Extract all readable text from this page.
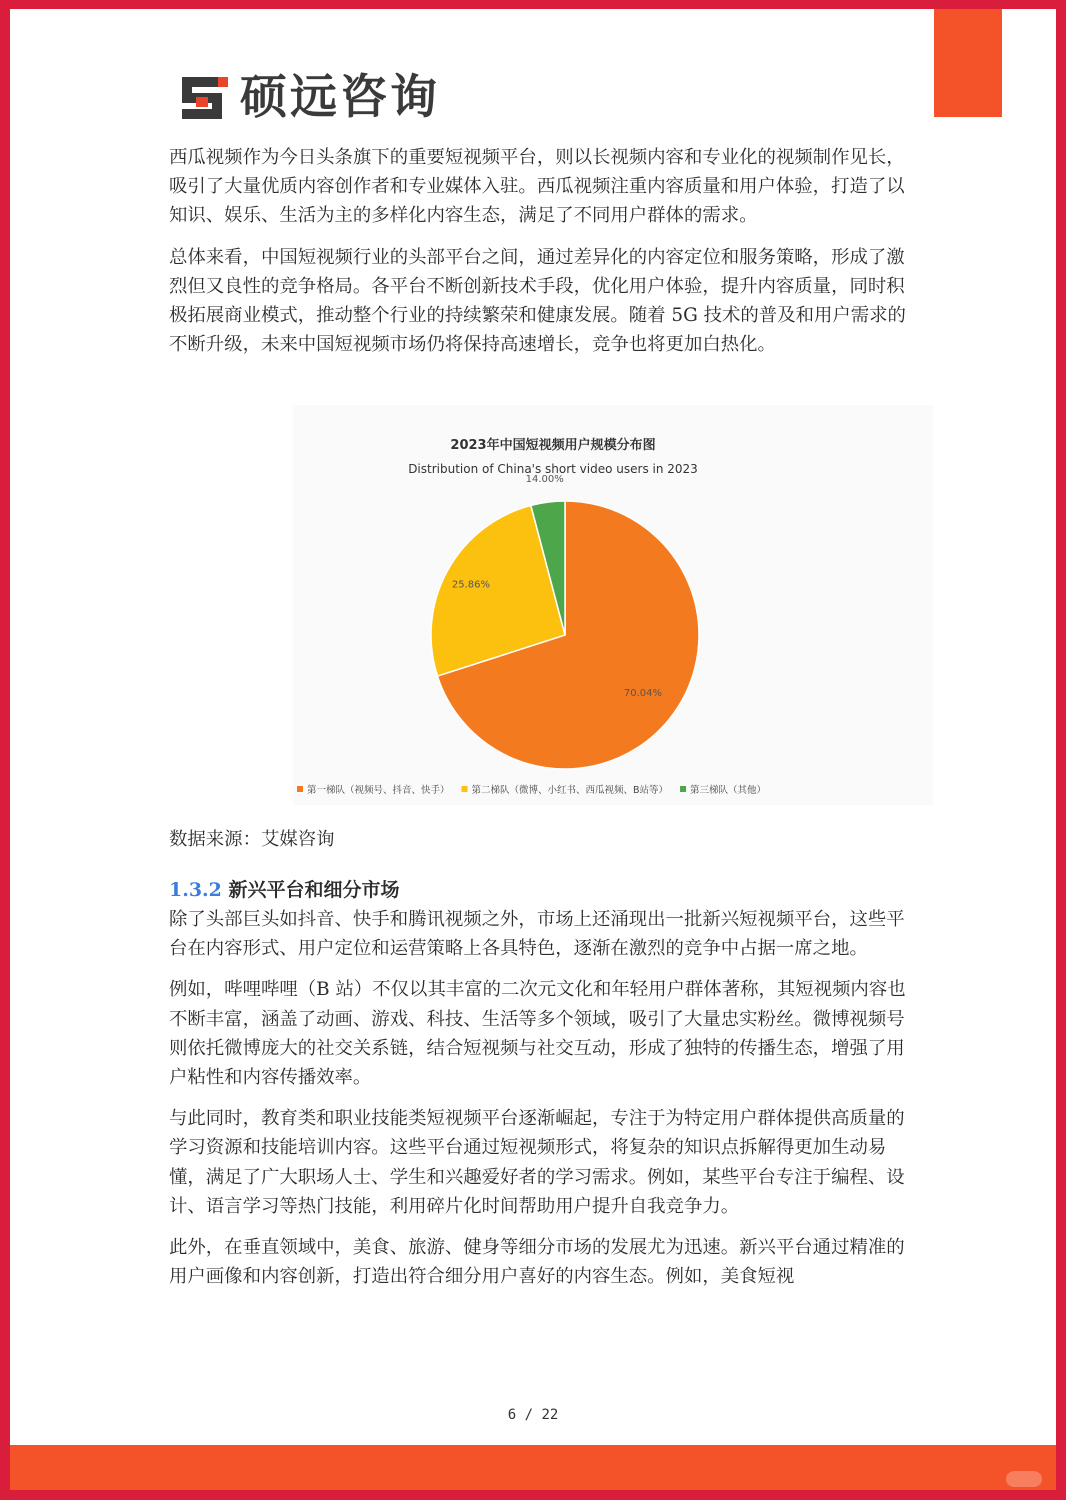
硕远咨询

西瓜视频作为今日头条旗下的重要短视频平台，则以长视频内容和专业化的视频制作见长，吸引了大量优质内容创作者和专业媒体入驻。西瓜视频注重内容质量和用户体验，打造了以知识、娱乐、生活为主的多样化内容生态，满足了不同用户群体的需求。

总体来看，中国短视频行业的头部平台之间，通过差异化的内容定位和服务策略，形成了激烈但又良性的竞争格局。各平台不断创新技术手段，优化用户体验，提升内容质量，同时积极拓展商业模式，推动整个行业的持续繁荣和健康发展。随着 5G 技术的普及和用户需求的不断升级，未来中国短视频市场仍将保持高速增长，竞争也将更加白热化。

2023年中国短视频用户规模分布图
Distribution of China's short video users in 2023
70.04%
25.86%
14.00%
第一梯队（视频号、抖音、快手） 第二梯队（微博、小红书、西瓜视频、B站等） 第三梯队（其他）
数据来源：艾媒咨询

1.3.2 新兴平台和细分市场

除了头部巨头如抖音、快手和腾讯视频之外，市场上还涌现出一批新兴短视频平台，这些平台在内容形式、用户定位和运营策略上各具特色，逐渐在激烈的竞争中占据一席之地。

例如，哔哩哔哩（B 站）不仅以其丰富的二次元文化和年轻用户群体著称，其短视频内容也不断丰富，涵盖了动画、游戏、科技、生活等多个领域，吸引了大量忠实粉丝。微博视频号则依托微博庞大的社交关系链，结合短视频与社交互动，形成了独特的传播生态，增强了用户粘性和内容传播效率。

与此同时，教育类和职业技能类短视频平台逐渐崛起，专注于为特定用户群体提供高质量的学习资源和技能培训内容。这些平台通过短视频形式，将复杂的知识点拆解得更加生动易懂，满足了广大职场人士、学生和兴趣爱好者的学习需求。例如，某些平台专注于编程、设计、语言学习等热门技能，利用碎片化时间帮助用户提升自我竞争力。

此外，在垂直领域中，美食、旅游、健身等细分市场的发展尤为迅速。新兴平台通过精准的用户画像和内容创新，打造出符合细分用户喜好的内容生态。例如，美食短视

6 / 22
